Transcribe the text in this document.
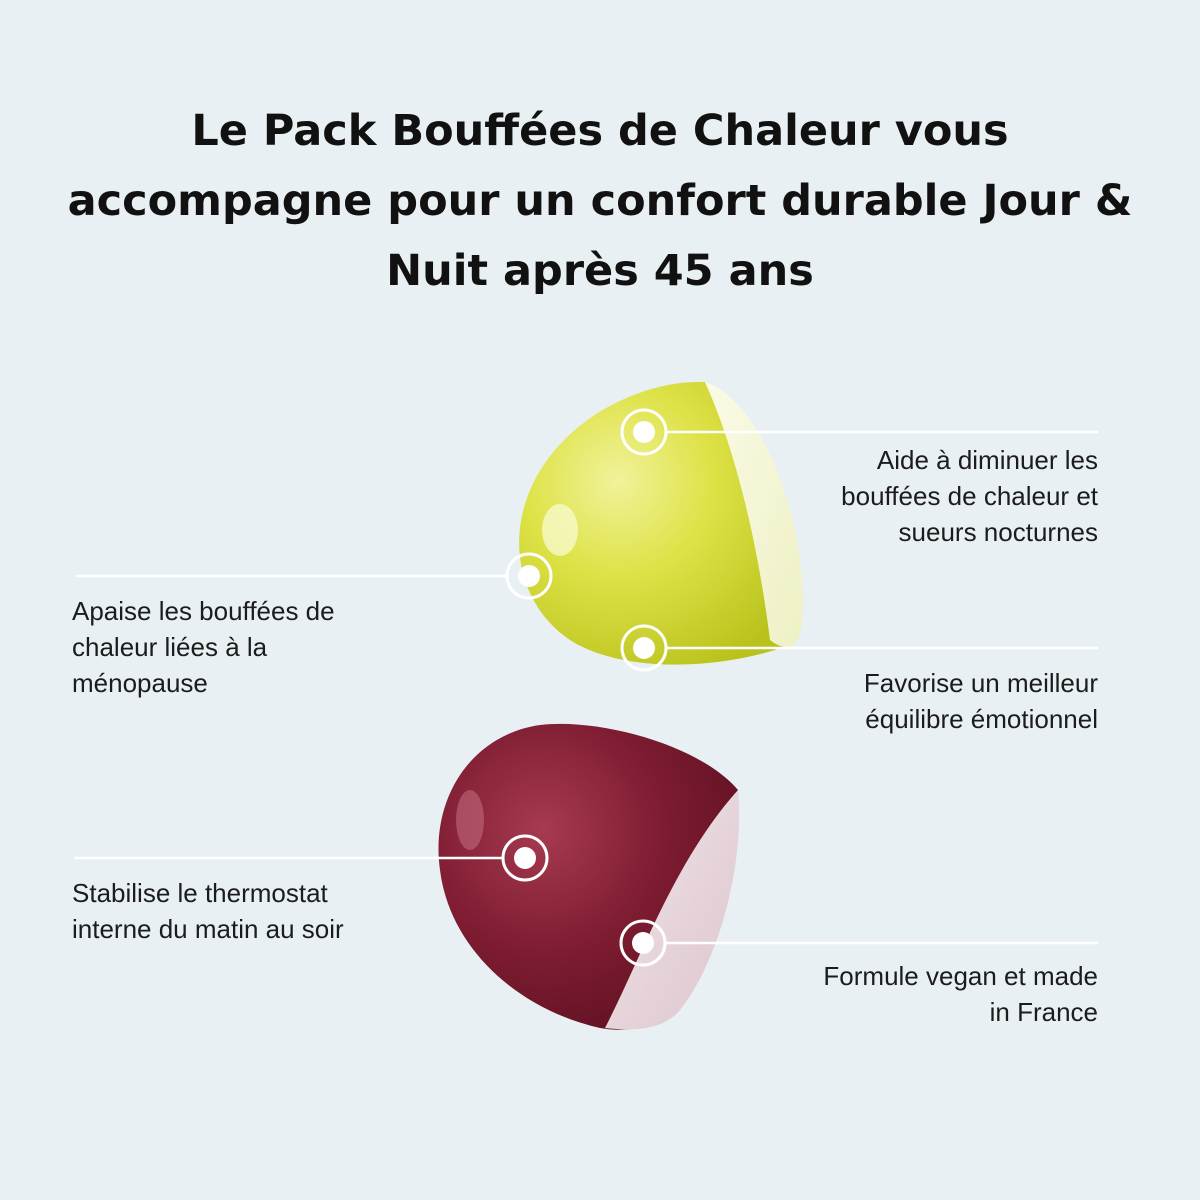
Le Pack Bouffées de Chaleur vous accompagne pour un confort durable Jour & Nuit après 45 ans
Aide à diminuer les
bouffées de chaleur et
sueurs nocturnes
Apaise les bouffées de
chaleur liées à la
ménopause	Favorise un meilleur
équilibre émotionnel
Stabilise le thermostat
interne du matin au soir
Formule vegan et made
in France
